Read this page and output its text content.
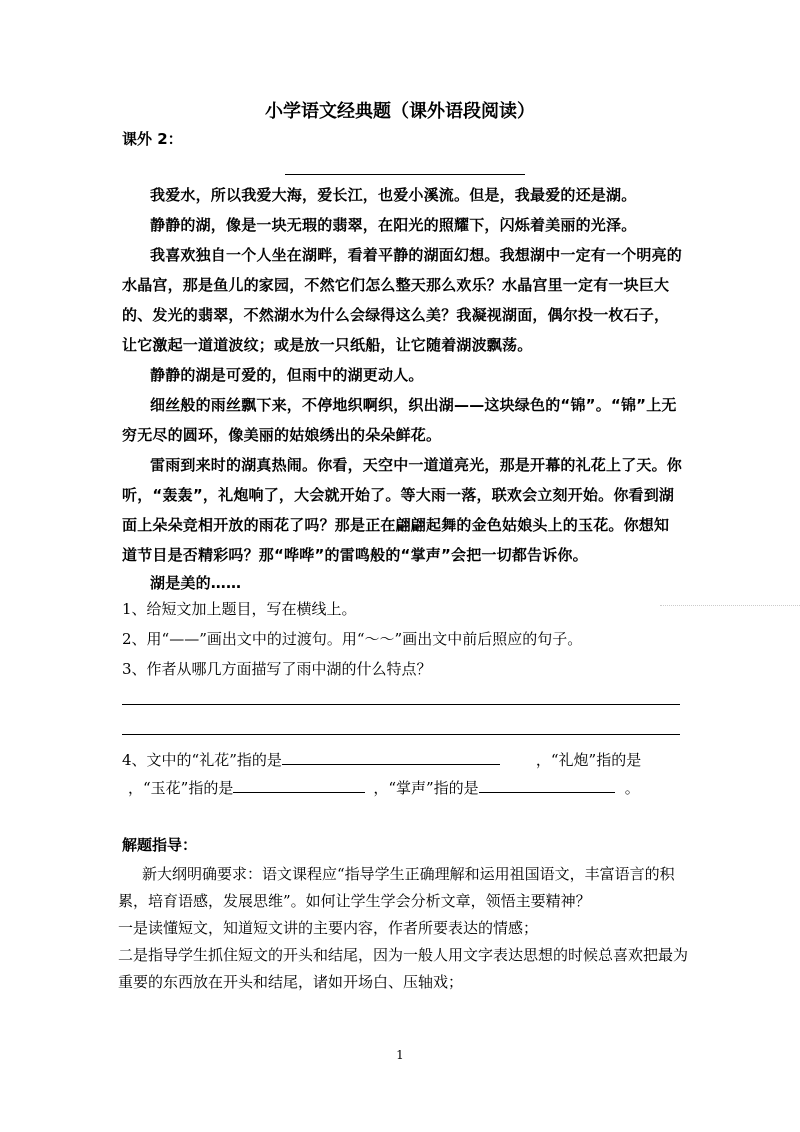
小学语文经典题（课外语段阅读）
课外 2：
我爱水，所以我爱大海，爱长江，也爱小溪流。但是，我最爱的还是湖。
静静的湖，像是一块无瑕的翡翠，在阳光的照耀下，闪烁着美丽的光泽。
我喜欢独自一个人坐在湖畔，看着平静的湖面幻想。我想湖中一定有一个明亮的水晶宫，那是鱼儿的家园，不然它们怎么整天那么欢乐？水晶宫里一定有一块巨大的、发光的翡翠，不然湖水为什么会绿得这么美？我凝视湖面，偶尔投一枚石子，让它激起一道道波纹；或是放一只纸船，让它随着湖波飘荡。
静静的湖是可爱的，但雨中的湖更动人。
细丝般的雨丝飘下来，不停地织啊织，织出湖——这块绿色的“锦”。“锦”上无穷无尽的圆环，像美丽的姑娘绣出的朵朵鲜花。
雷雨到来时的湖真热闹。你看，天空中一道道亮光，那是开幕的礼花上了天。你听，“轰轰”，礼炮响了，大会就开始了。等大雨一落，联欢会立刻开始。你看到湖面上朵朵竞相开放的雨花了吗？那是正在翩翩起舞的金色姑娘头上的玉花。你想知道节目是否精彩吗？那“哗哗”的雷鸣般的“掌声”会把一切都告诉你。
湖是美的……
1、给短文加上题目，写在横线上。
2、用“——”画出文中的过渡句。用“～～”画出文中前后照应的句子。
3、作者从哪几方面描写了雨中湖的什么特点？
4、文中的“礼花”指的是	，“礼炮”指的是
，“玉花”指的是	，“掌声”指的是	。
解题指导：
新大纲明确要求：语文课程应“指导学生正确理解和运用祖国语文，丰富语言的积累，培育语感，发展思维”。如何让学生学会分析文章，领悟主要精神？
一是读懂短文，知道短文讲的主要内容，作者所要表达的情感；
二是指导学生抓住短文的开头和结尾，因为一般人用文字表达思想的时候总喜欢把最为重要的东西放在开头和结尾，诸如开场白、压轴戏；
1
